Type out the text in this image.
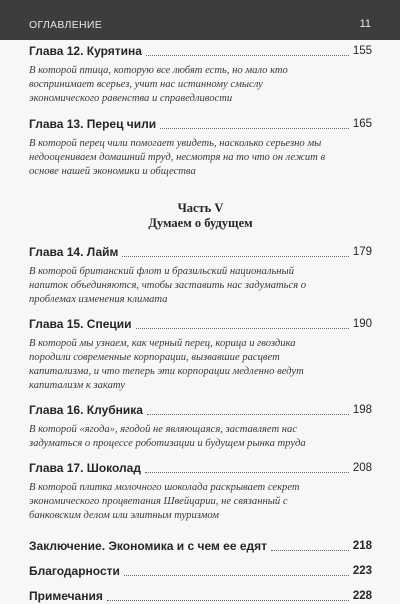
ОГЛАВЛЕНИЕ	11
Глава 12. Курятина	155
В которой птица, которую все любят есть, но мало кто воспринимает всерьез, учит нас истинному смыслу экономического равенства и справедливости
Глава 13. Перец чили	165
В которой перец чили помогает увидеть, насколько серьезно мы недооцениваем домашний труд, несмотря на то что он лежит в основе нашей экономики и общества
Часть V
Думаем о будущем
Глава 14. Лайм	179
В которой британский флот и бразильский национальный напиток объединяются, чтобы заставить нас задуматься о проблемах изменения климата
Глава 15. Специи	190
В которой мы узнаем, как черный перец, корица и гвоздика породили современные корпорации, вызвавшие расцвет капитализма, и что теперь эти корпорации медленно ведут капитализм к закату
Глава 16. Клубника	198
В которой «ягода», ягодой не являющаяся, заставляет нас задуматься о процессе роботизации и будущем рынка труда
Глава 17. Шоколад	208
В которой плитка молочного шоколада раскрывает секрет экономического процветания Швейцарии, не связанный с банковским делом или элитным туризмом
Заключение. Экономика и с чем ее едят	218
Благодарности	223
Примечания	228
